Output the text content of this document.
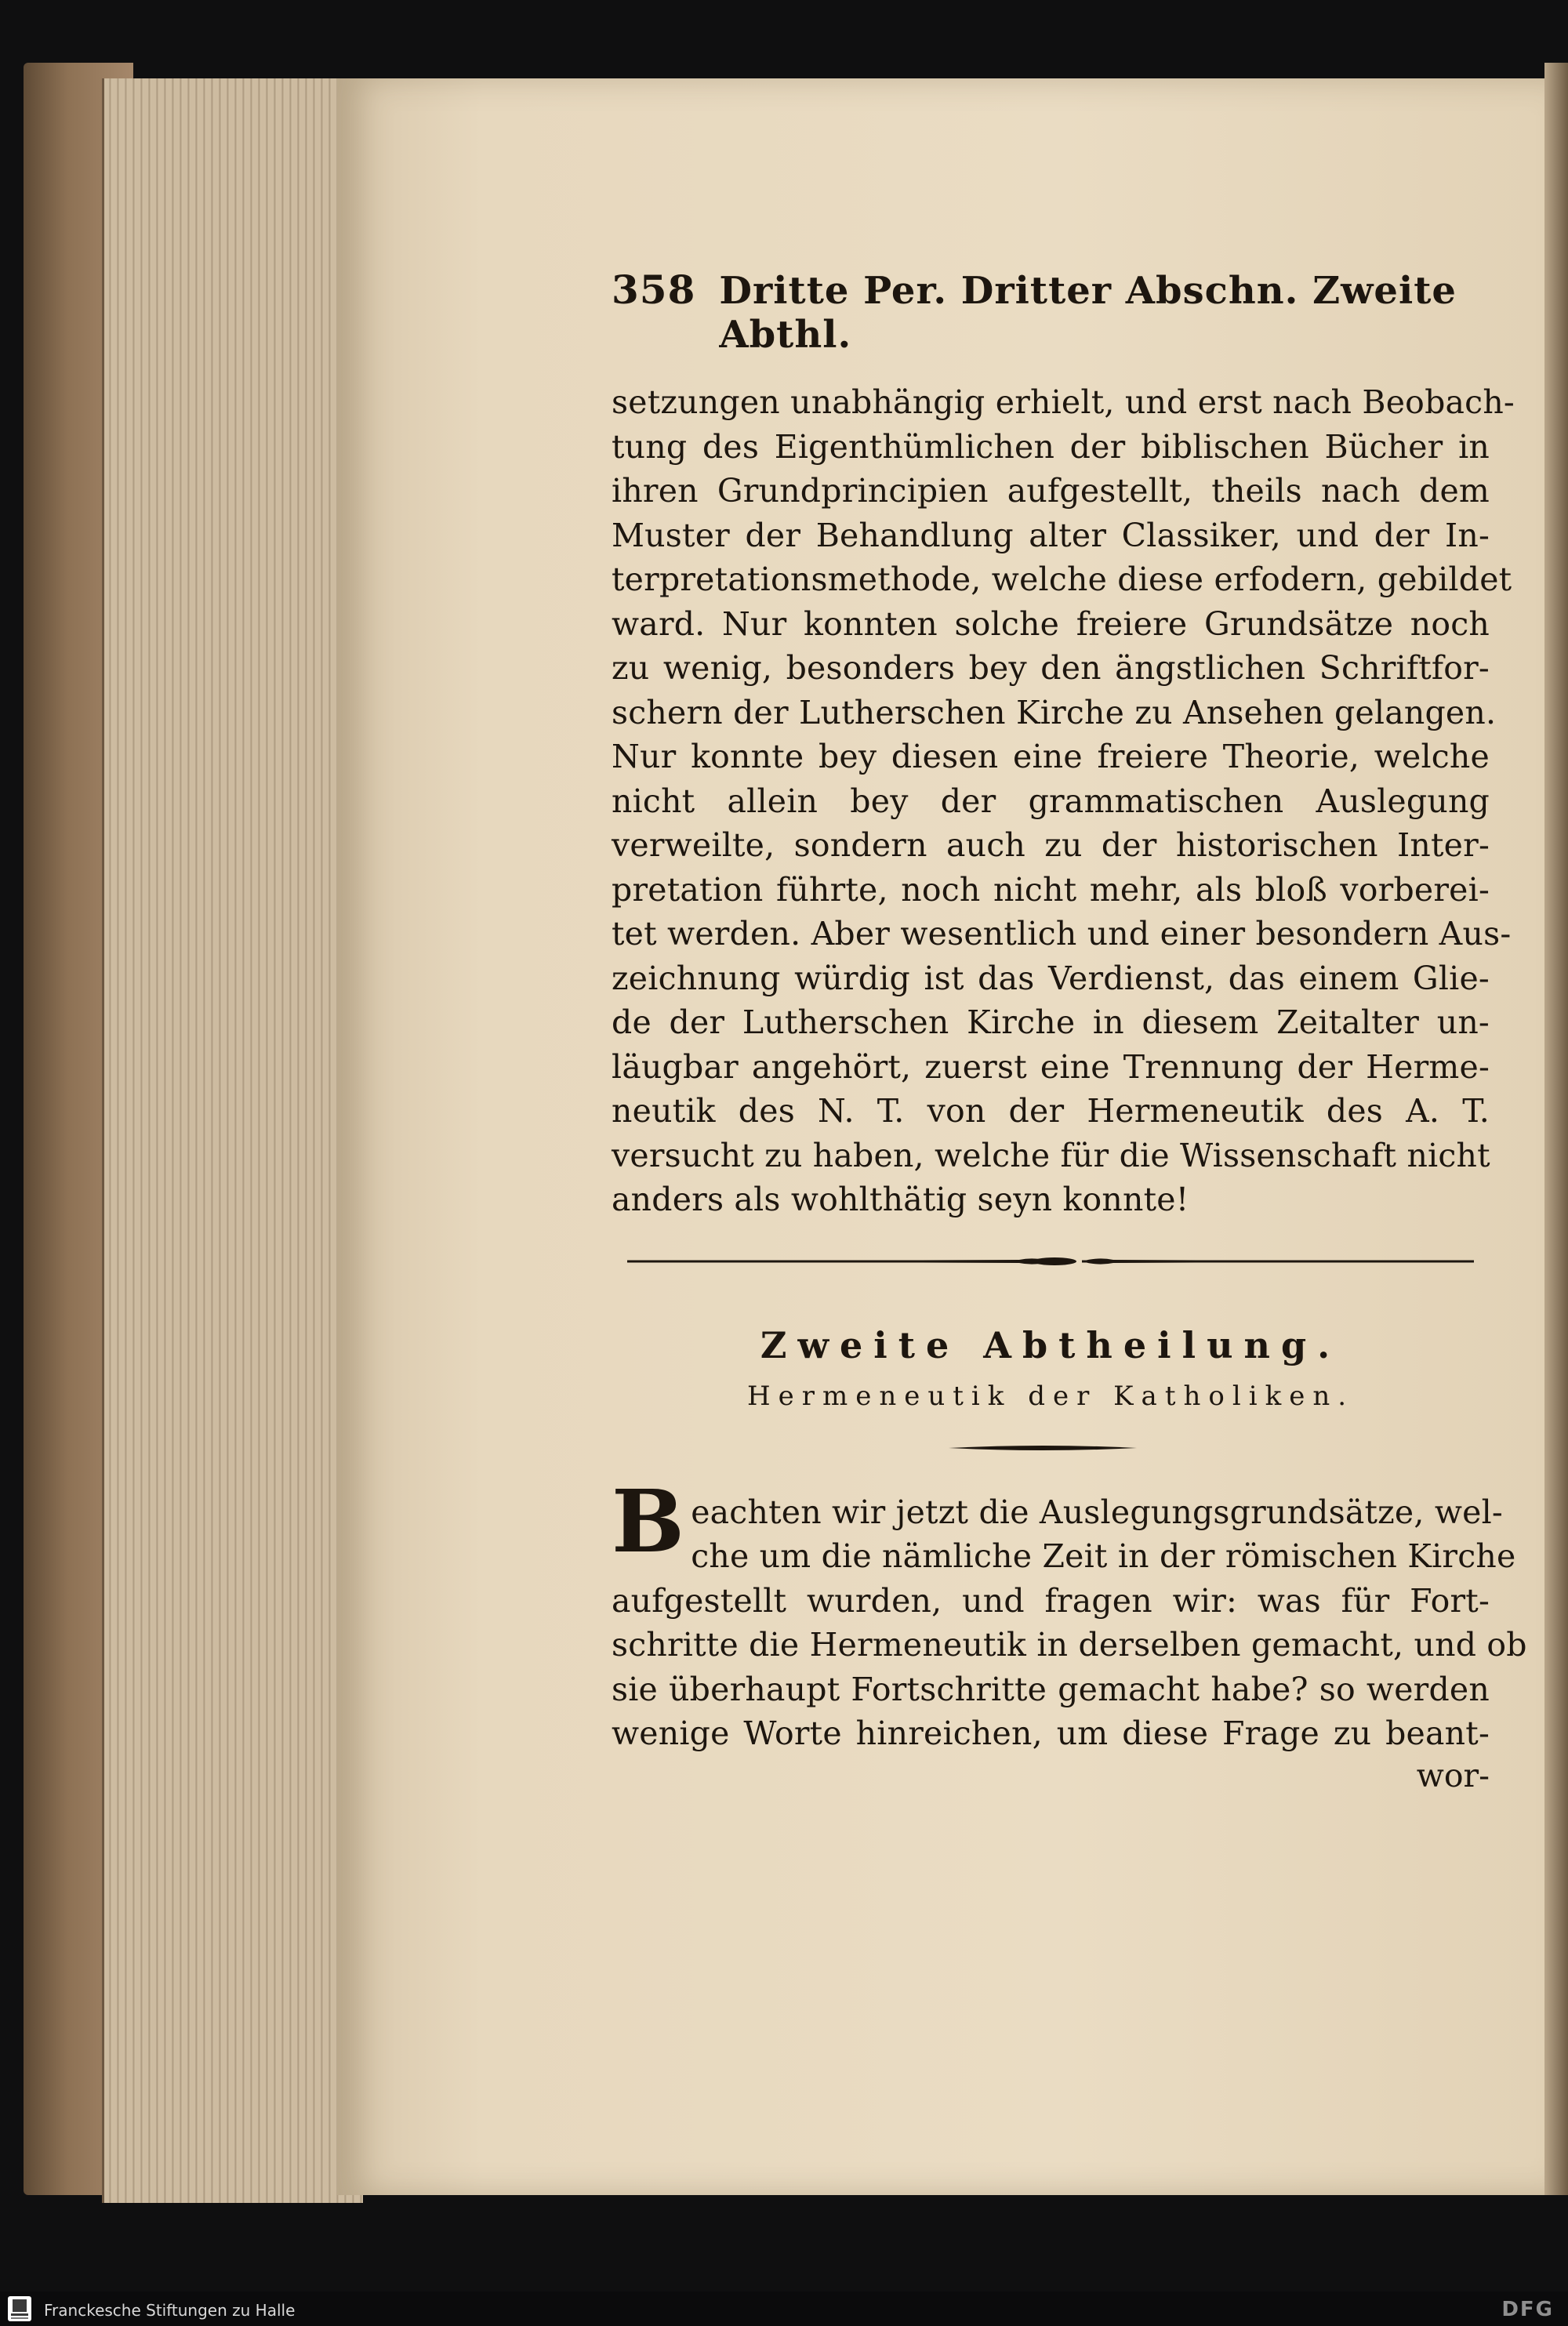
358 Dritte Per. Dritter Abschn. Zweite Abthl.
setzungen unabhängig erhielt, und erst nach Beobach-
tung des Eigenthümlichen der biblischen Bücher in
ihren Grundprincipien aufgestellt, theils nach dem
Muster der Behandlung alter Classiker, und der In-
terpretationsmethode, welche diese erfodern, gebildet
ward. Nur konnten solche freiere Grundsätze noch
zu wenig, besonders bey den ängstlichen Schriftfor-
schern der Lutherschen Kirche zu Ansehen gelangen.
Nur konnte bey diesen eine freiere Theorie, welche
nicht allein bey der grammatischen Auslegung
verweilte, sondern auch zu der historischen Inter-
pretation führte, noch nicht mehr, als bloß vorberei-
tet werden. Aber wesentlich und einer besondern Aus-
zeichnung würdig ist das Verdienst, das einem Glie-
de der Lutherschen Kirche in diesem Zeitalter un-
läugbar angehört, zuerst eine Trennung der Herme-
neutik des N. T. von der Hermeneutik des A. T.
versucht zu haben, welche für die Wissenschaft nicht
anders als wohlthätig seyn konnte!
Zweite Abtheilung.
Hermeneutik der Katholiken.
Beachten wir jetzt die Auslegungsgrundsätze, wel-
che um die nämliche Zeit in der römischen Kirche
aufgestellt wurden, und fragen wir: was für Fort-
schritte die Hermeneutik in derselben gemacht, und ob
sie überhaupt Fortschritte gemacht habe? so werden
wenige Worte hinreichen, um diese Frage zu beant-
wor-
Franckesche Stiftungen zu Halle	DFG
